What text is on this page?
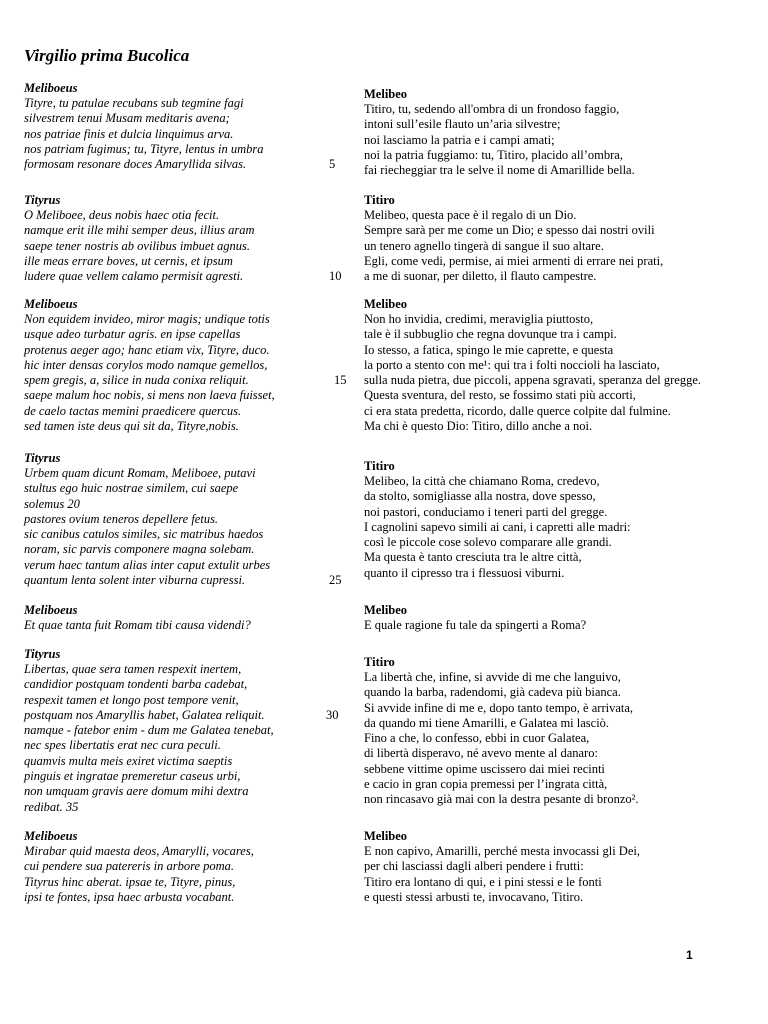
Virgilio prima Bucolica
Meliboeus
Tityre, tu patulae recubans sub tegmine fagi
silvestrem tenui Musam meditaris avena;
nos patriae finis et dulcia linquimus arva.
nos patriam fugimus; tu, Tityre, lentus in umbra
formosam resonare doces Amaryllida silvas.	5
Tityrus
O Meliboee, deus nobis haec otia fecit.
namque erit ille mihi semper deus, illius aram
saepe tener nostris ab ovilibus imbuet agnus.
ille meas errare boves, ut cernis, et ipsum
ludere quae vellem calamo permisit agresti.	10
Meliboeus
Non equidem invideo, miror magis; undique totis
usque adeo turbatur agris. en ipse capellas
protenus aeger ago; hanc etiam vix, Tityre, duco.
hic inter densas corylos modo namque gemellos,
spem gregis, a, silice in nuda conixa reliquit.	15
saepe malum hoc nobis, si mens non laeva fuisset,
de caelo tactas memini praedicere quercus.
sed tamen iste deus qui sit da, Tityre,nobis.
Tityrus
Urbem quam dicunt Romam, Meliboee, putavi
stultus ego huic nostrae similem, cui saepe
solemus 20
pastores ovium teneros depellere fetus.
sic canibus catulos similes, sic matribus haedos
noram, sic parvis componere magna solebam.
verum haec tantum alias inter caput extulit urbes
quantum lenta solent inter viburna cupressi.	25
Meliboeus
Et quae tanta fuit Romam tibi causa videndi?
Tityrus
Libertas, quae sera tamen respexit inertem,
candidior postquam tondenti barba cadebat,
respexit tamen et longo post tempore venit,
postquam nos Amaryllis habet, Galatea reliquit.	30
namque - fatebor enim - dum me Galatea tenebat,
nec spes libertatis erat nec cura peculi.
quamvis multa meis exiret victima saeptis
pinguis et ingratae premeretur caseus urbi,
non umquam gravis aere domum mihi dextra
redibat. 35
Meliboeus
Mirabar quid maesta deos, Amarylli, vocares,
cui pendere sua patereris in arbore poma.
Tityrus hinc aberat. ipsae te, Tityre, pinus,
ipsi te fontes, ipsa haec arbusta vocabant.
Melibeo
Titiro, tu, sedendo all'ombra di un frondoso faggio,
intoni sull’esile flauto un’aria silvestre;
noi lasciamo la patria e i campi amati;
noi la patria fuggiamo: tu, Titiro, placido all’ombra,
fai riecheggiar tra le selve il nome di Amarillide bella.
Titiro
Melibeo, questa pace è il regalo di un Dio.
Sempre sarà per me come un Dio; e spesso dai nostri ovili
un tenero agnello tingerà di sangue il suo altare.
Egli, come vedi, permise, ai miei armenti di errare nei prati,
a me di suonar, per diletto, il flauto campestre.
Melibeo
Non ho invidia, credimi, meraviglia piuttosto,
tale è il subbuglio che regna dovunque tra i campi.
Io stesso, a fatica, spingo le mie caprette, e questa
la porto a stento con me¹: qui tra i folti noccioli ha lasciato,
sulla nuda pietra, due piccoli, appena sgravati, speranza del gregge.
Questa sventura, del resto, se fossimo stati più accorti,
ci era stata predetta, ricordo, dalle querce colpite dal fulmine.
Ma chi è questo Dio: Titiro, dillo anche a noi.
Titiro
Melibeo, la città che chiamano Roma, credevo,
da stolto, somigliasse alla nostra, dove spesso,
noi pastori, conduciamo i teneri parti del gregge.
I cagnolini sapevo simili ai cani, i capretti alle madri:
così le piccole cose solevo comparare alle grandi.
Ma questa è tanto cresciuta tra le altre città,
quanto il cipresso tra i flessuosi viburni.
Melibeo
E quale ragione fu tale da spingerti a Roma?
Titiro
La libertà che, infine, si avvide di me che languivo,
quando la barba, radendomi, già cadeva più bianca.
Si avvide infine di me e, dopo tanto tempo, è arrivata,
da quando mi tiene Amarilli, e Galatea mi lasciò.
Fino a che, lo confesso, ebbi in cuor Galatea,
di libertà disperavo, né avevo mente al danaro:
sebbene vittime opime uscissero dai miei recinti
e cacio in gran copia premessi per l’ingrata città,
non rincasavo già mai con la destra pesante di bronzo².
Melibeo
E non capivo, Amarilli, perché mesta invocassi gli Dei,
per chi lasciassi dagli alberi pendere i frutti:
Titiro era lontano di qui, e i pini stessi e le fonti
e questi stessi arbusti te, invocavano, Titiro.
1
